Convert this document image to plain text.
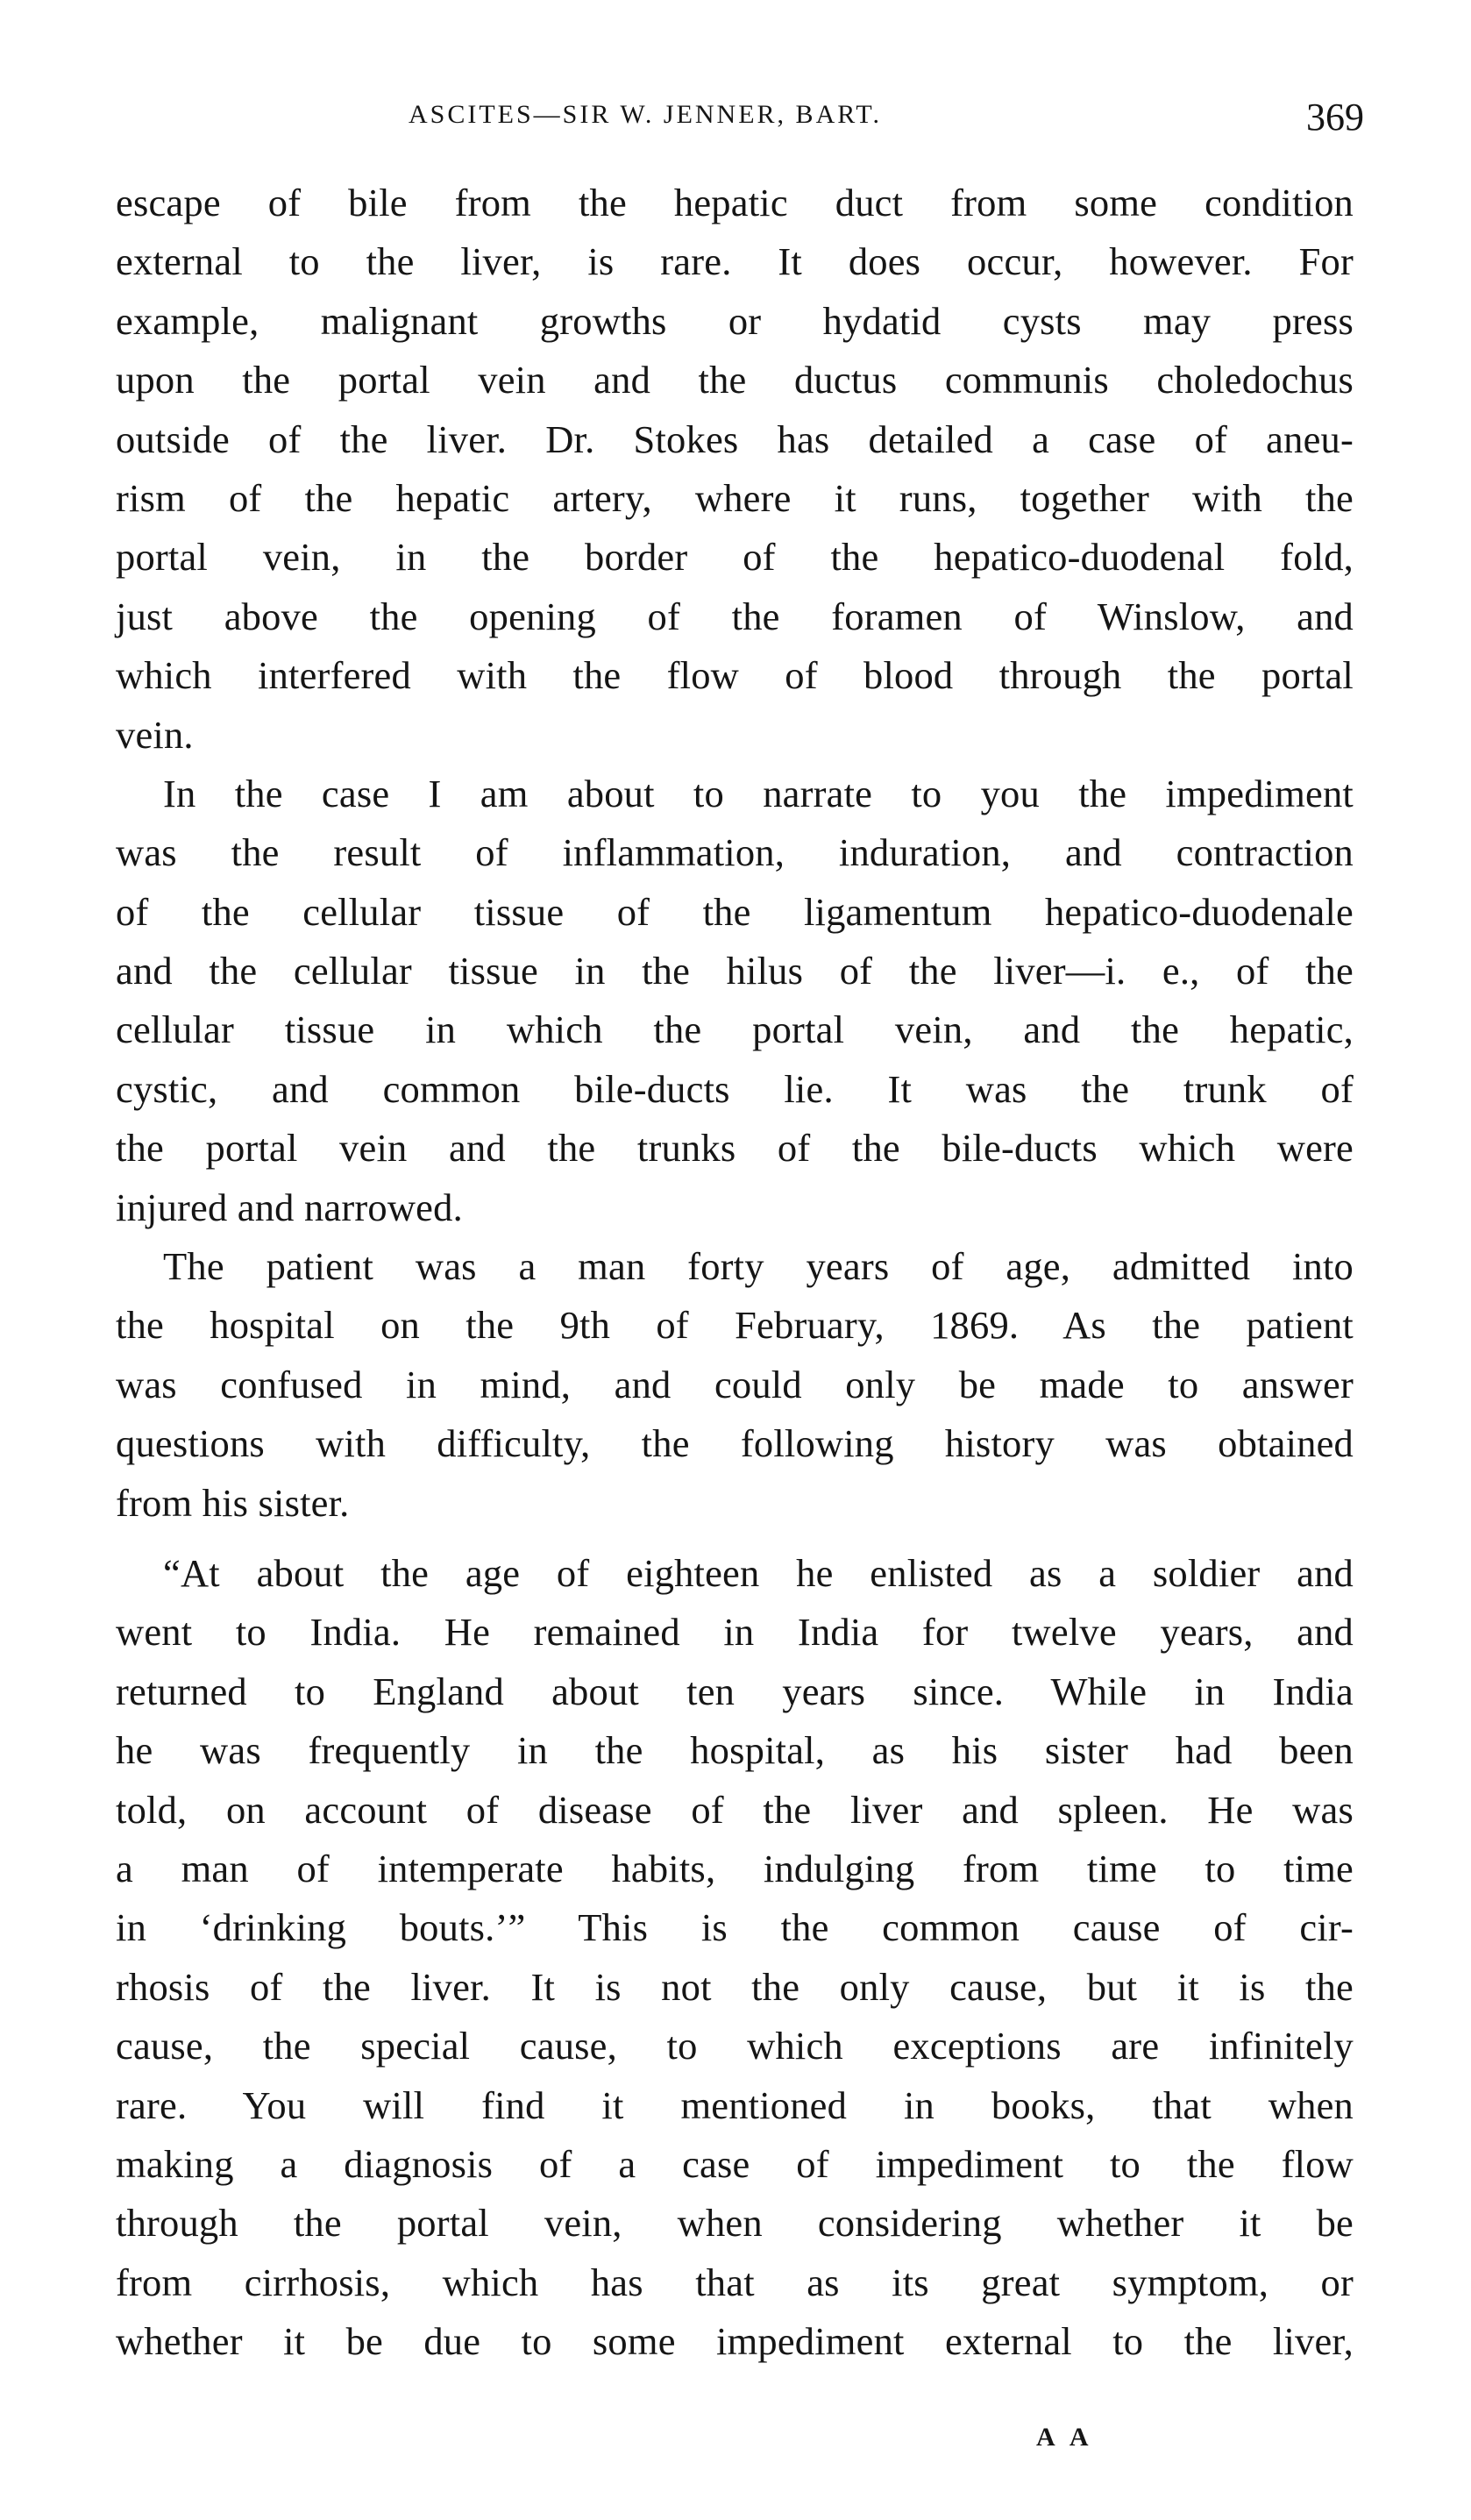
ASCITES—SIR W. JENNER, BART.	369
escape of bile from the hepatic duct from some condition
external to the liver, is rare. It does occur, however. For
example, malignant growths or hydatid cysts may press
upon the portal vein and the ductus communis choledochus
outside of the liver. Dr. Stokes has detailed a case of aneu-
rism of the hepatic artery, where it runs, together with the
portal vein, in the border of the hepatico-duodenal fold,
just above the opening of the foramen of Winslow, and
which interfered with the flow of blood through the portal
vein.
In the case I am about to narrate to you the impediment
was the result of inflammation, induration, and contraction
of the cellular tissue of the ligamentum hepatico-duodenale
and the cellular tissue in the hilus of the liver—i. e., of the
cellular tissue in which the portal vein, and the hepatic,
cystic, and common bile-ducts lie. It was the trunk of
the portal vein and the trunks of the bile-ducts which were
injured and narrowed.
The patient was a man forty years of age, admitted into
the hospital on the 9th of February, 1869. As the patient
was confused in mind, and could only be made to answer
questions with difficulty, the following history was obtained
from his sister.
“At about the age of eighteen he enlisted as a soldier and
went to India. He remained in India for twelve years, and
returned to England about ten years since. While in India
he was frequently in the hospital, as his sister had been
told, on account of disease of the liver and spleen. He was
a man of intemperate habits, indulging from time to time
in ‘drinking bouts.’” This is the common cause of cir-
rhosis of the liver. It is not the only cause, but it is the
cause, the special cause, to which exceptions are infinitely
rare. You will find it mentioned in books, that when
making a diagnosis of a case of impediment to the flow
through the portal vein, when considering whether it be
from cirrhosis, which has that as its great symptom, or
whether it be due to some impediment external to the liver,
A A
